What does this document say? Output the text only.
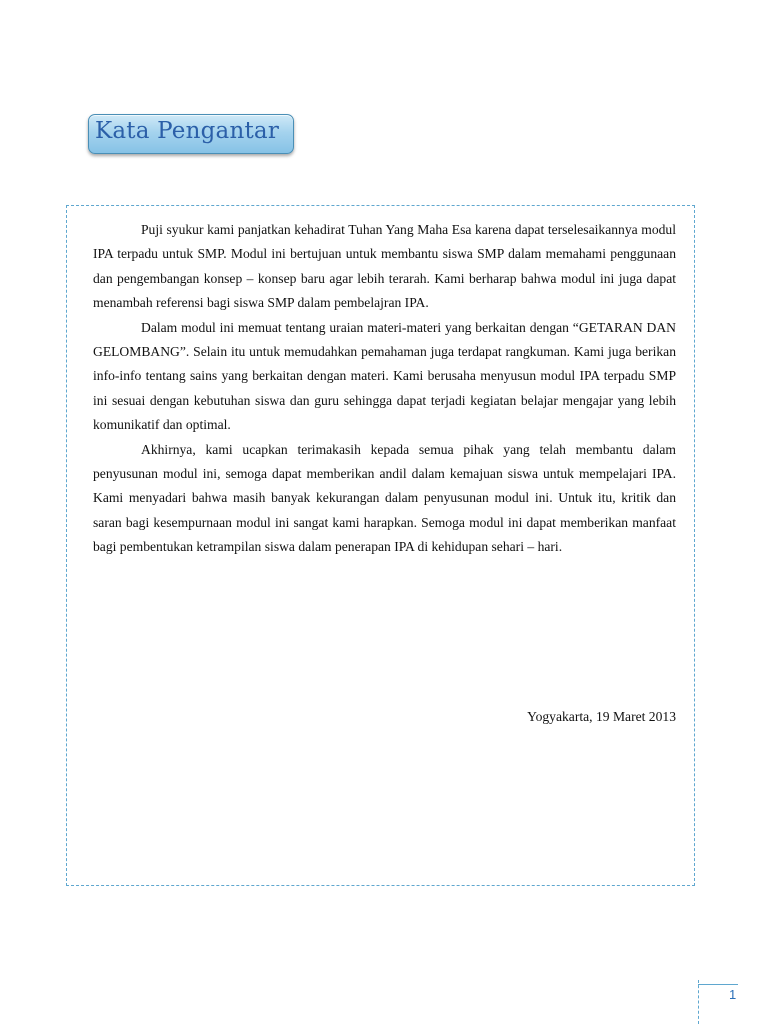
Kata Pengantar

Puji syukur kami panjatkan kehadirat Tuhan Yang Maha Esa karena dapat terselesaikannya modul IPA terpadu untuk SMP. Modul ini bertujuan untuk membantu siswa SMP dalam memahami penggunaan dan pengembangan konsep – konsep baru agar lebih terarah. Kami berharap bahwa modul ini juga dapat menambah referensi bagi siswa SMP dalam pembelajran IPA.

Dalam modul ini memuat tentang uraian materi-materi yang berkaitan dengan “GETARAN DAN GELOMBANG”. Selain itu untuk memudahkan pemahaman juga terdapat rangkuman. Kami juga berikan info-info tentang sains yang berkaitan dengan materi. Kami berusaha menyusun modul IPA terpadu SMP ini sesuai dengan kebutuhan siswa dan guru sehingga dapat terjadi kegiatan belajar mengajar yang lebih komunikatif dan optimal.

Akhirnya, kami ucapkan terimakasih kepada semua pihak yang telah membantu dalam penyusunan modul ini, semoga dapat memberikan andil dalam kemajuan siswa untuk mempelajari IPA. Kami menyadari bahwa masih banyak kekurangan dalam penyusunan modul ini. Untuk itu, kritik dan saran bagi kesempurnaan modul ini sangat kami harapkan. Semoga modul ini dapat memberikan manfaat bagi pembentukan ketrampilan siswa dalam penerapan IPA di kehidupan sehari – hari.

Yogyakarta, 19 Maret 2013
1
